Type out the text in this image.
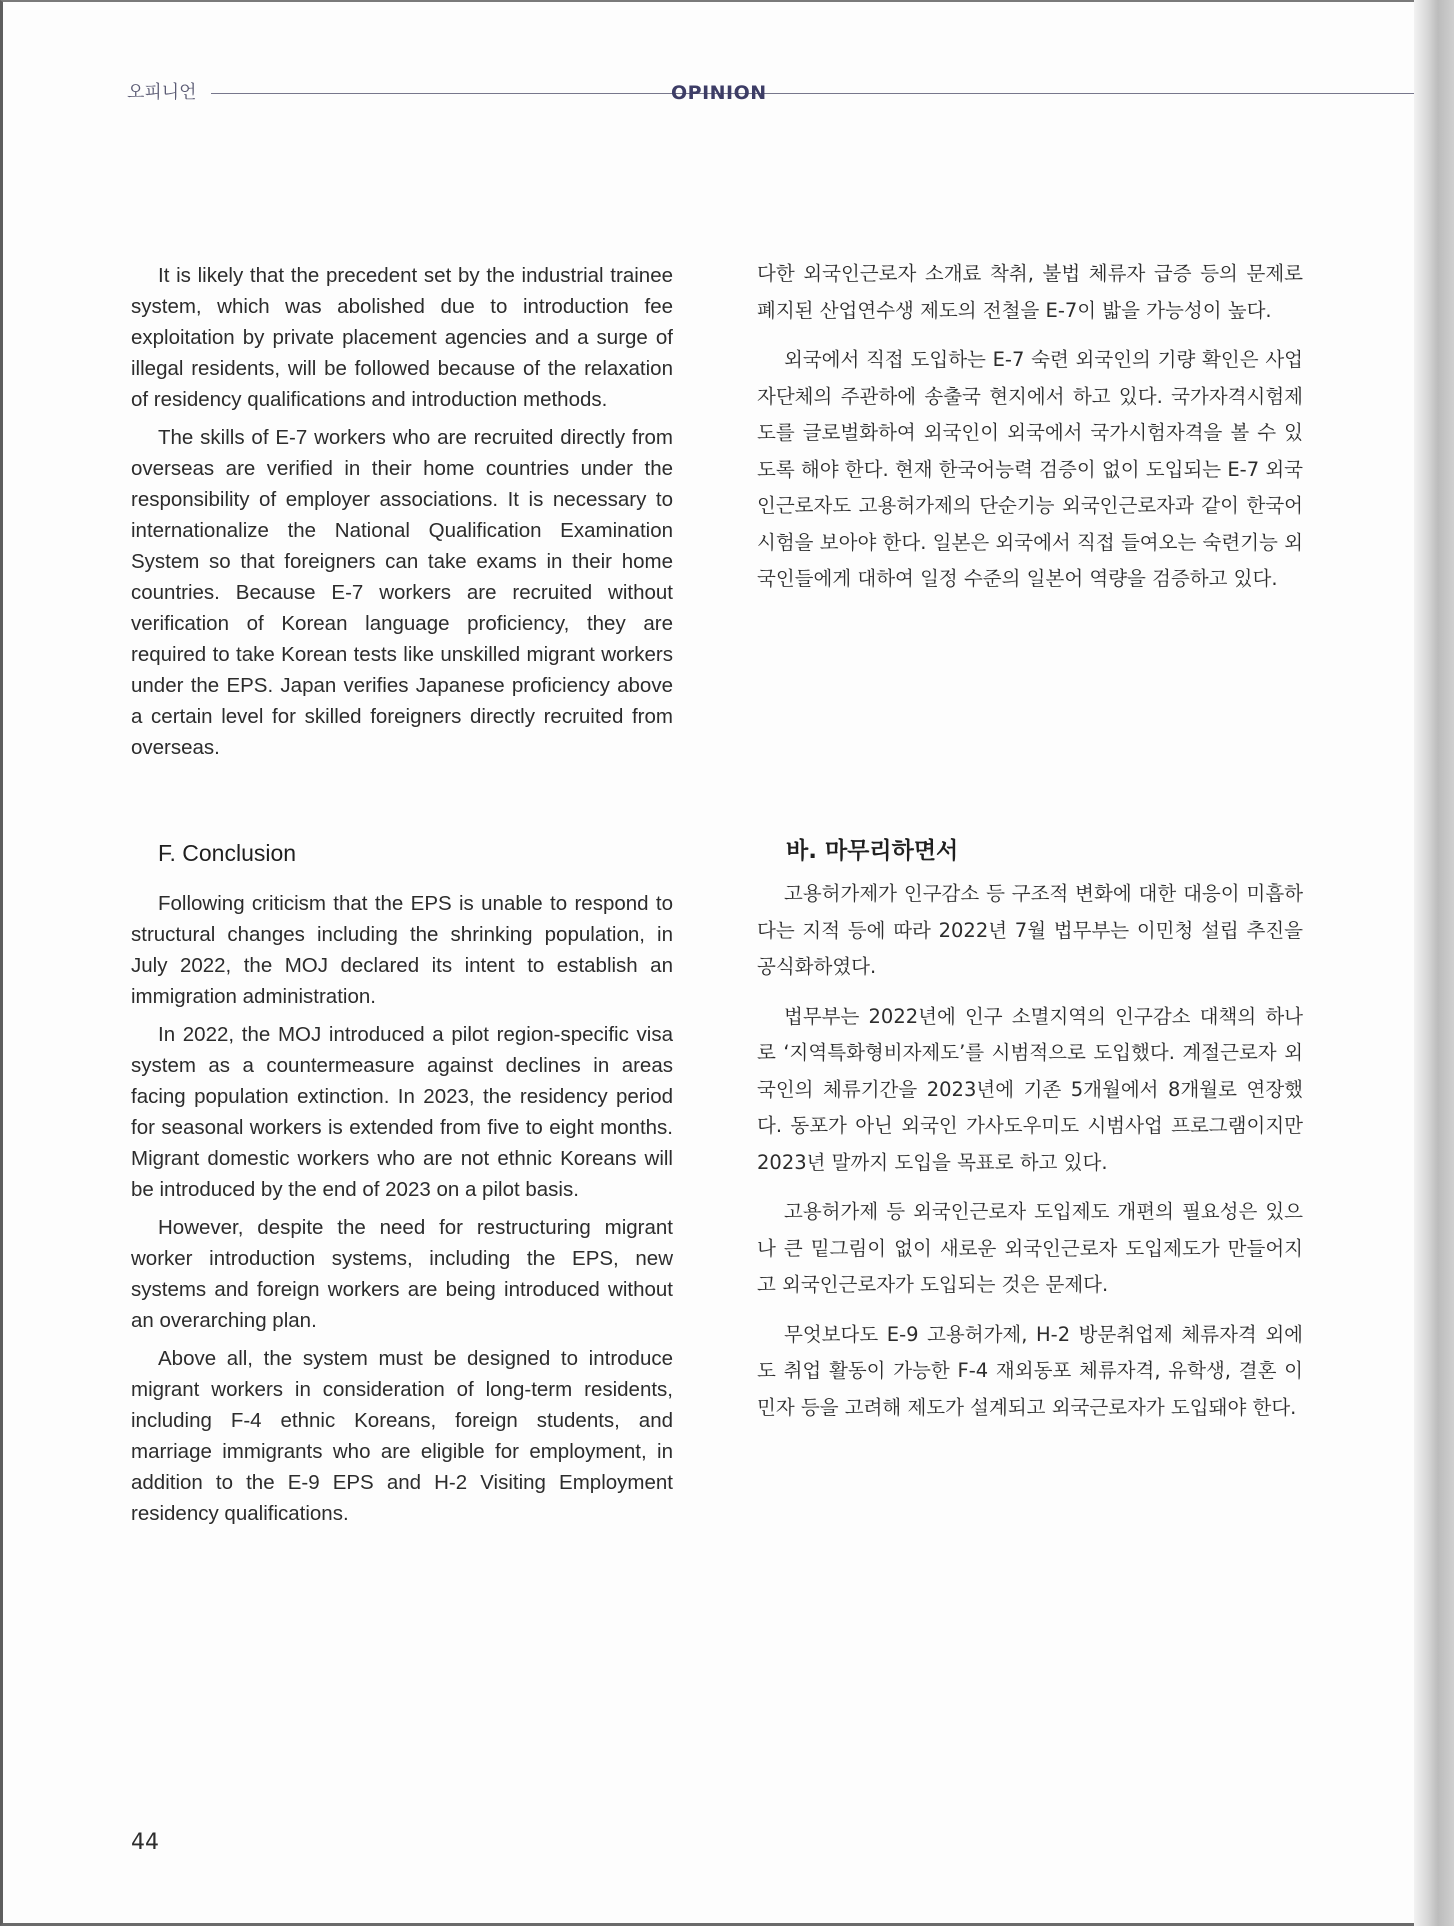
오피니언	OPINION

It is likely that the precedent set by the industrial trainee system, which was abolished due to introduction fee exploitation by private placement agencies and a surge of illegal residents, will be followed because of the relaxation of residency qualifications and introduction methods.

The skills of E-7 workers who are recruited directly from overseas are verified in their home countries under the responsibility of employer associations. It is necessary to internationalize the National Qualification Examination System so that foreigners can take exams in their home countries. Because E-7 workers are recruited without verification of Korean language proficiency, they are required to take Korean tests like unskilled migrant workers under the EPS. Japan verifies Japanese proficiency above a certain level for skilled foreigners directly recruited from overseas.

다한 외국인근로자 소개료 착취, 불법 체류자 급증 등의 문제로 폐지된 산업연수생 제도의 전철을 E-7이 밟을 가능성이 높다.

외국에서 직접 도입하는 E-7 숙련 외국인의 기량 확인은 사업자단체의 주관하에 송출국 현지에서 하고 있다. 국가자격시험제도를 글로벌화하여 외국인이 외국에서 국가시험자격을 볼 수 있도록 해야 한다. 현재 한국어능력 검증이 없이 도입되는 E-7 외국인근로자도 고용허가제의 단순기능 외국인근로자과 같이 한국어시험을 보아야 한다. 일본은 외국에서 직접 들여오는 숙련기능 외국인들에게 대하여 일정 수준의 일본어 역량을 검증하고 있다.

F. Conclusion	바. 마무리하면서

Following criticism that the EPS is unable to respond to structural changes including the shrinking population, in July 2022, the MOJ declared its intent to establish an immigration administration.

In 2022, the MOJ introduced a pilot region-specific visa system as a countermeasure against declines in areas facing population extinction. In 2023, the residency period for seasonal workers is extended from five to eight months. Migrant domestic workers who are not ethnic Koreans will be introduced by the end of 2023 on a pilot basis.

However, despite the need for restructuring migrant worker introduction systems, including the EPS, new systems and foreign workers are being introduced without an overarching plan.

Above all, the system must be designed to introduce migrant workers in consideration of long-term residents, including F-4 ethnic Koreans, foreign students, and marriage immigrants who are eligible for employment, in addition to the E-9 EPS and H-2 Visiting Employment residency qualifications.

고용허가제가 인구감소 등 구조적 변화에 대한 대응이 미흡하다는 지적 등에 따라 2022년 7월 법무부는 이민청 설립 추진을 공식화하였다.

법무부는 2022년에 인구 소멸지역의 인구감소 대책의 하나로 ‘지역특화형비자제도’를 시범적으로 도입했다. 계절근로자 외국인의 체류기간을 2023년에 기존 5개월에서 8개월로 연장했다. 동포가 아닌 외국인 가사도우미도 시범사업 프로그램이지만 2023년 말까지 도입을 목표로 하고 있다.

고용허가제 등 외국인근로자 도입제도 개편의 필요성은 있으나 큰 밑그림이 없이 새로운 외국인근로자 도입제도가 만들어지고 외국인근로자가 도입되는 것은 문제다.

무엇보다도 E-9 고용허가제, H-2 방문취업제 체류자격 외에도 취업 활동이 가능한 F-4 재외동포 체류자격, 유학생, 결혼 이민자 등을 고려해 제도가 설계되고 외국근로자가 도입돼야 한다.

44
